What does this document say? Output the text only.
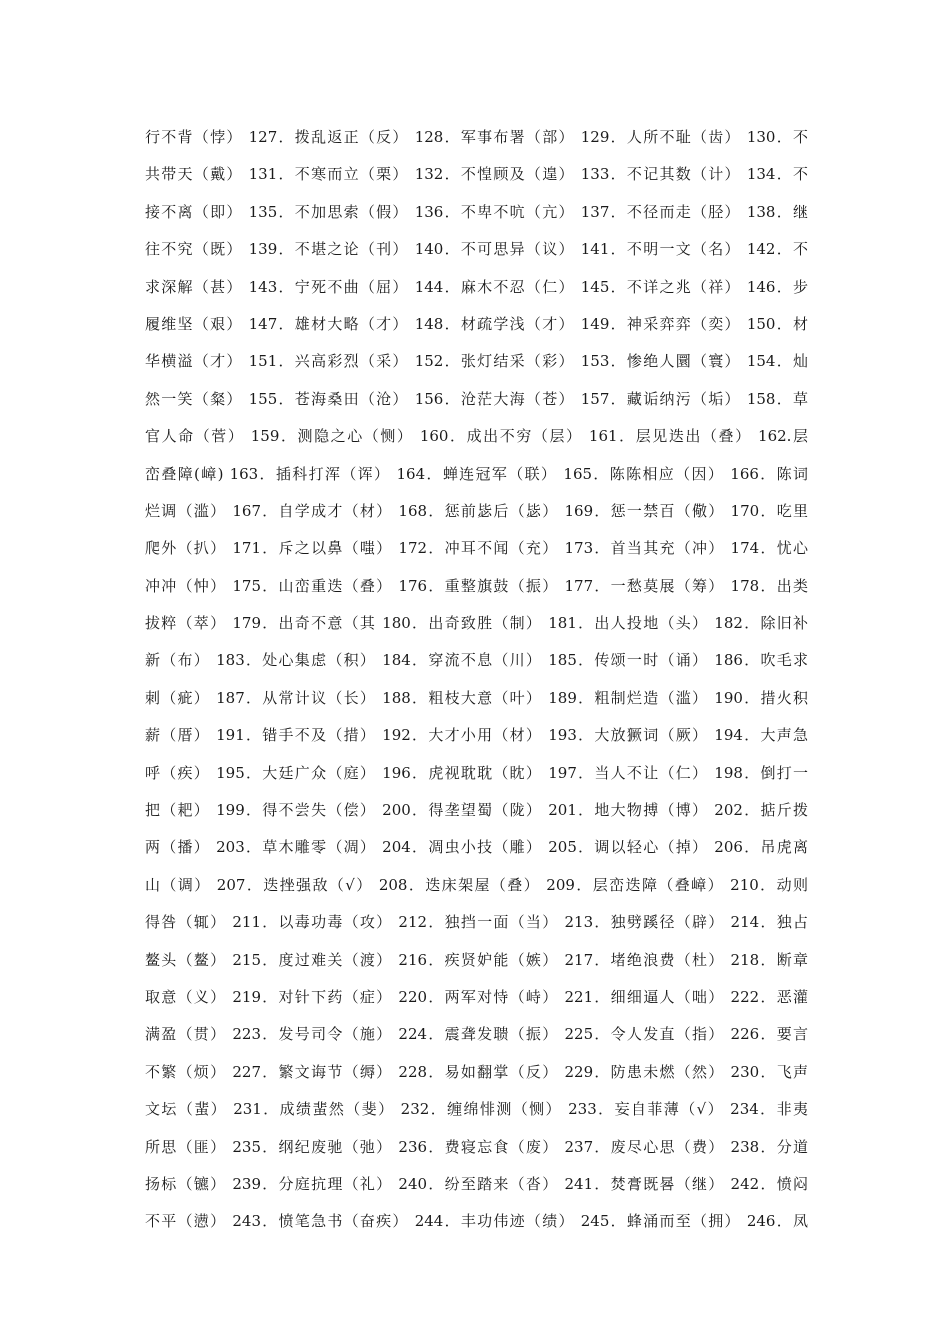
行不背（悖） 127．拨乱返正（反） 128．军事布署（部） 129．人所不耻（齿） 130．不
共带天（戴） 131．不寒而立（栗） 132．不惶顾及（遑） 133．不记其数（计） 134．不
接不离（即） 135．不加思索（假） 136．不卑不吭（亢） 137．不径而走（胫） 138．继
往不究（既） 139．不堪之论（刊） 140．不可思异（议） 141．不明一文（名） 142．不
求深解（甚） 143．宁死不曲（屈） 144．麻木不忍（仁） 145．不详之兆（祥） 146．步
履维坚（艰） 147．雄材大略（才） 148．材疏学浅（才） 149．神采弈弈（奕） 150．材
华横溢（才） 151．兴高彩烈（采） 152．张灯结采（彩） 153．惨绝人圜（寰） 154．灿
然一笑（粲） 155．苍海桑田（沧） 156．沧茫大海（苍） 157．藏诟纳污（垢） 158．草
官人命（菅） 159．测隐之心（恻） 160．成出不穷（层） 161．层见迭出（叠） 162.层
峦叠障(嶂) 163．插科打浑（诨） 164．蝉连冠军（联） 165．陈陈相应（因） 166．陈词
烂调（滥） 167．自学成才（材） 168．惩前毖后（毖） 169．惩一禁百（儆） 170．吃里
爬外（扒） 171．斥之以鼻（嗤） 172．冲耳不闻（充） 173．首当其充（冲） 174．忧心
冲冲（忡） 175．山峦重迭（叠） 176．重整旗鼓（振） 177．一愁莫展（筹） 178．出类
拔粹（萃） 179．出奇不意（其 180．出奇致胜（制） 181．出人投地（头） 182．除旧补
新（布） 183．处心集虑（积） 184．穿流不息（川） 185．传颂一时（诵） 186．吹毛求
刺（疵） 187．从常计议（长） 188．粗枝大意（叶） 189．粗制烂造（滥） 190．措火积
薪（厝） 191．错手不及（措） 192．大才小用（材） 193．大放獗词（厥） 194．大声急
呼（疾） 195．大廷广众（庭） 196．虎视耽耽（眈） 197．当人不让（仁） 198．倒打一
把（耙） 199．得不尝失（偿） 200．得垄望蜀（陇） 201．地大物搏（博） 202．掂斤拨
两（播） 203．草木雕零（凋） 204．凋虫小技（雕） 205．调以轻心（掉） 206．吊虎离
山（调） 207．迭挫强敌（√） 208．迭床架屋（叠） 209．层峦迭障（叠嶂） 210．动则
得咎（辄） 211．以毒功毒（攻） 212．独挡一面（当） 213．独劈蹊径（辟） 214．独占
鳌头（鳌） 215．度过难关（渡） 216．疾贤妒能（嫉） 217．堵绝浪费（杜） 218．断章
取意（义） 219．对针下药（症） 220．两军对恃（峙） 221．细细逼人（咄） 222．恶灌
满盈（贯） 223．发号司令（施） 224．震聋发聩（振） 225．令人发直（指） 226．要言
不繁（烦） 227．繁文诲节（缛） 228．易如翻掌（反） 229．防患未燃（然） 230．飞声
文坛（蜚） 231．成绩蜚然（斐） 232．缠绵悱测（恻） 233．妄自菲薄（√） 234．非夷
所思（匪） 235．纲纪废驰（弛） 236．费寝忘食（废） 237．废尽心思（费） 238．分道
扬标（镳） 239．分庭抗理（礼） 240．纷至踏来（沓） 241．焚膏既晷（继） 242．愤闷
不平（懑） 243．愤笔急书（奋疾） 244．丰功伟迹（绩） 245．蜂涌而至（拥） 246．凤
